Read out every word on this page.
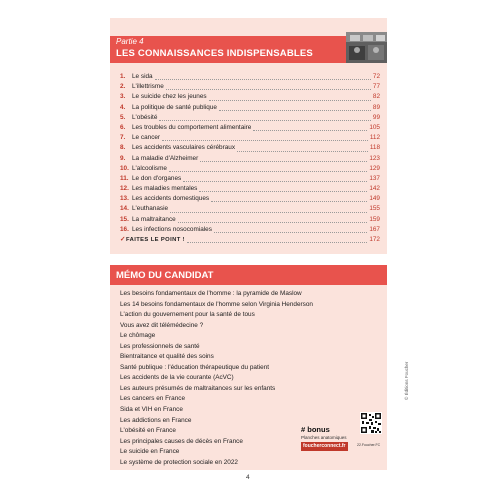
Partie 4
LES CONNAISSANCES INDISPENSABLES
1.	Le sida	72
2.	L'illettrisme	77
3.	Le suicide chez les jeunes	82
4.	La politique de santé publique	89
5.	L'obésité	99
6.	Les troubles du comportement alimentaire	105
7.	Le cancer	112
8.	Les accidents vasculaires cérébraux	118
9.	La maladie d'Alzheimer	123
10. L'alcoolisme	129
11. Le don d'organes	137
12. Les maladies mentales	142
13. Les accidents domestiques	149
14. L'euthanasie	155
15. La maltraitance	159
16. Les infections nosocomiales	167
✓ FAITES LE POINT !	172
MÉMO DU CANDIDAT
Les besoins fondamentaux de l'homme : la pyramide de Maslow
Les 14 besoins fondamentaux de l'homme selon Virginia Henderson
L'action du gouvernement pour la santé de tous
Vous avez dit télémédecine ?
Le chômage
Les professionnels de santé
Bientraitance et qualité des soins
Santé publique : l'éducation thérapeutique du patient
Les accidents de la vie courante (AcVC)
Les auteurs présumés de maltraitances sur les enfants
Les cancers en France
Sida et VIH en France
Les addictions en France
L'obésité en France
Les principales causes de décès en France
Le suicide en France
Le système de protection sociale en 2022
# bonus
Planches anatomiques
foucherconnect.fr	22.Foucher.FC
© Éditions Foucher
4
